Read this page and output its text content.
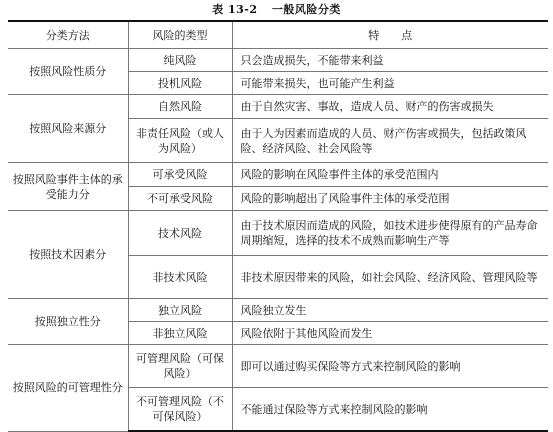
表 13-2 一般风险分类
分类方法	风险的类型	特　　点
按照风险性质分	纯风险	只会造成损失，不能带来利益
	投机风险	可能带来损失，也可能产生利益
按照风险来源分	自然风险	由于自然灾害、事故，造成人员、财产的伤害或损失
	非责任风险（或人为风险）	由于人为因素而造成的人员、财产伤害或损失，包括政策风险、经济风险、社会风险等
按照风险事件主体的承受能力分	可承受风险	风险的影响在风险事件主体的承受范围内
	不可承受风险	风险的影响超出了风险事件主体的承受范围
按照技术因素分	技术风险	由于技术原因而造成的风险，如技术进步使得原有的产品寿命周期缩短，选择的技术不成熟而影响生产等
	非技术风险	非技术原因带来的风险，如社会风险、经济风险、管理风险等
按照独立性分	独立风险	风险独立发生
	非独立风险	风险依附于其他风险而发生
按照风险的可管理性分	可管理风险（可保风险）	即可以通过购买保险等方式来控制风险的影响
	不可管理风险（不可保风险）	不能通过保险等方式来控制风险的影响
